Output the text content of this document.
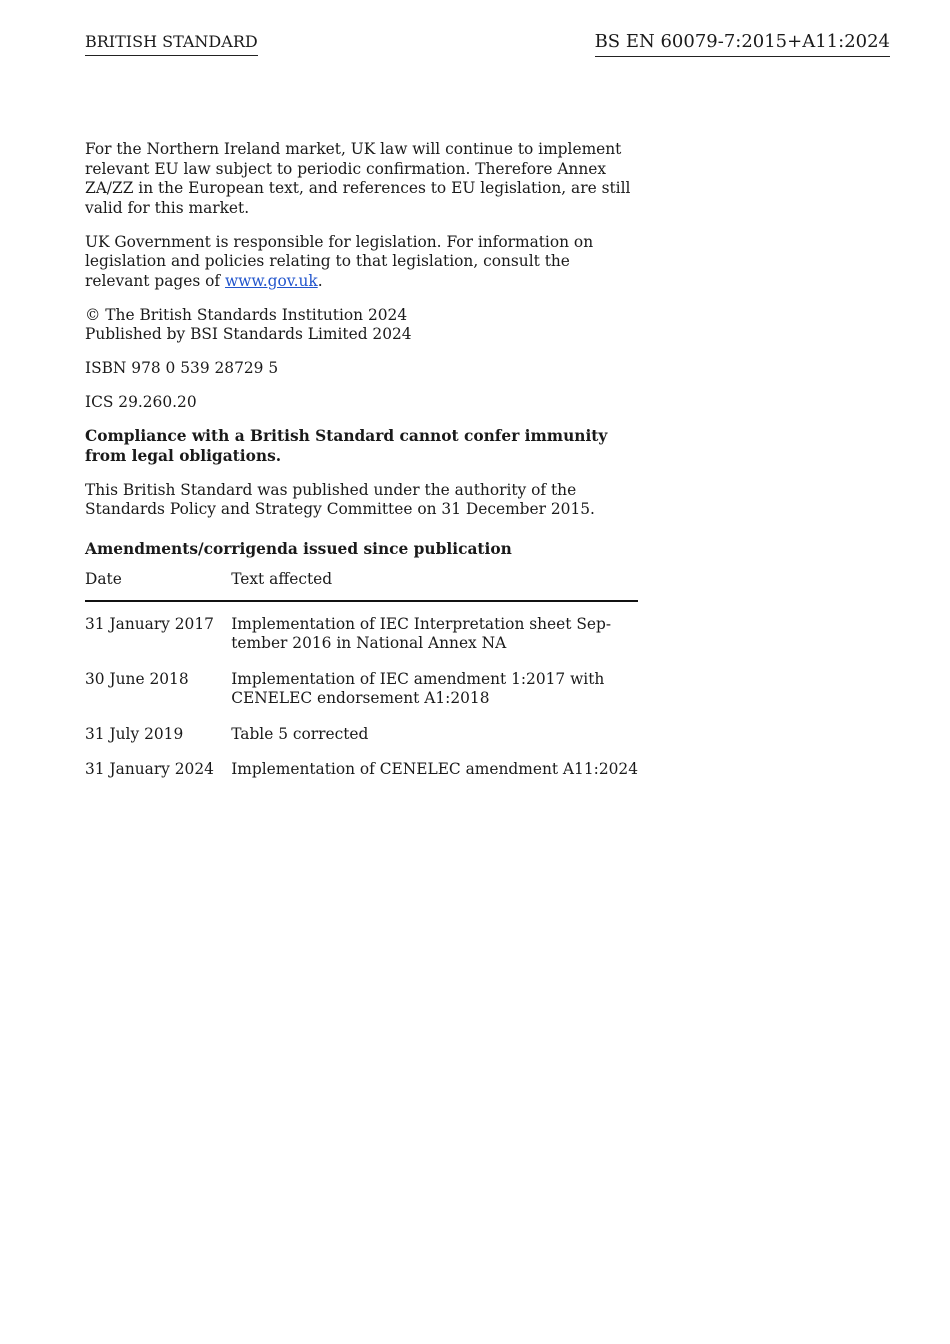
BRITISH STANDARD	BS EN 60079-7:2015+A11:2024

For the Northern Ireland market, UK law will continue to implement relevant EU law subject to periodic confirmation. Therefore Annex ZA/ZZ in the European text, and references to EU legislation, are still valid for this market.

UK Government is responsible for legislation. For information on legislation and policies relating to that legislation, consult the relevant pages of www.gov.uk.

© The British Standards Institution 2024
Published by BSI Standards Limited 2024

ISBN 978 0 539 28729 5

ICS 29.260.20

Compliance with a British Standard cannot confer immunity from legal obligations.

This British Standard was published under the authority of the Standards Policy and Strategy Committee on 31 December 2015.

Amendments/corrigenda issued since publication
Date	Text affected
31 January 2017	Implementation of IEC Interpretation sheet Sep-tember 2016 in National Annex NA
30 June 2018	Implementation of IEC amendment 1:2017 with CENELEC endorsement A1:2018
31 July 2019	Table 5 corrected
31 January 2024	Implementation of CENELEC amendment A11:2024
